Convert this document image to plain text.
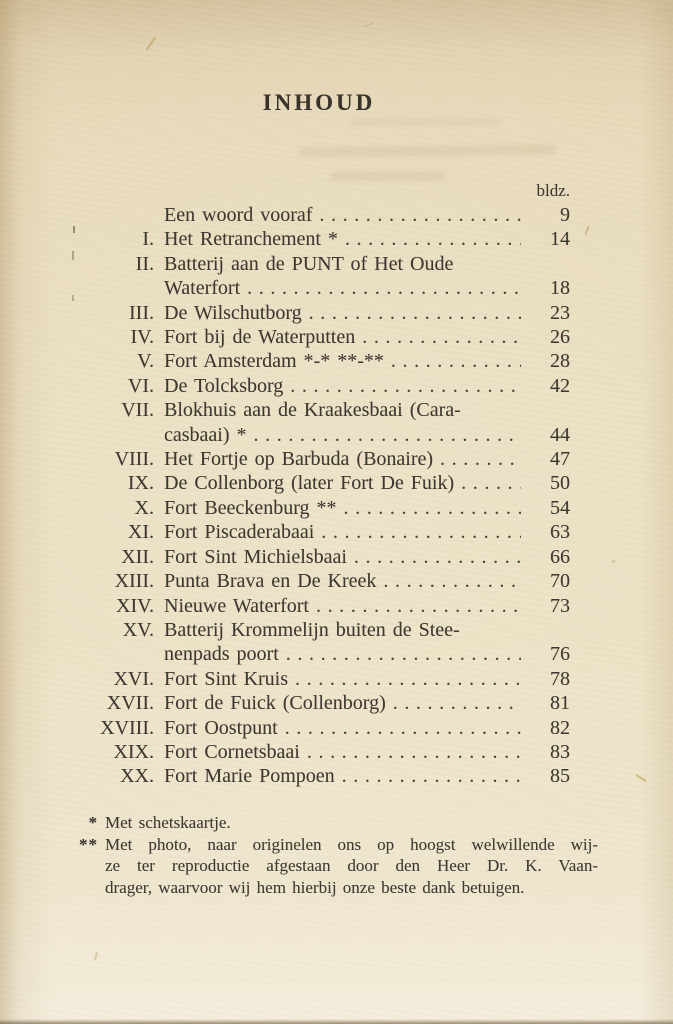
INHOUD
bldz.
Een woord vooraf .....	9
I. Het Retranchement * .....	14
II. Batterij aan de PUNT of Het Oude
Waterfort .....	18
III. De Wilschutborg .....	23
IV. Fort bij de Waterputten .....	26
V. Fort Amsterdam *-* **-** .....	28
VI. De Tolcksborg .....	42
VII. Blokhuis aan de Kraakesbaai (Cara-
casbaai) * .....	44
VIII. Het Fortje op Barbuda (Bonaire) .....	47
IX. De Collenborg (later Fort De Fuik) .....	50
X. Fort Beeckenburg ** .....	54
XI. Fort Piscaderabaai .....	63
XII. Fort Sint Michielsbaai .....	66
XIII. Punta Brava en De Kreek .....	70
XIV. Nieuwe Waterfort .....	73
XV. Batterij Krommelijn buiten de Stee-
nenpads poort .....	76
XVI. Fort Sint Kruis .....	78
XVII. Fort de Fuick (Collenborg) .....	81
XVIII. Fort Oostpunt .....	82
XIX. Fort Cornetsbaai .....	83
XX. Fort Marie Pompoen .....	85
* Met schetskaartje.
** Met photo, naar originelen ons op hoogst welwillende wij-
ze ter reproductie afgestaan door den Heer Dr. K. Vaan-
drager, waarvoor wij hem hierbij onze beste dank betuigen.
